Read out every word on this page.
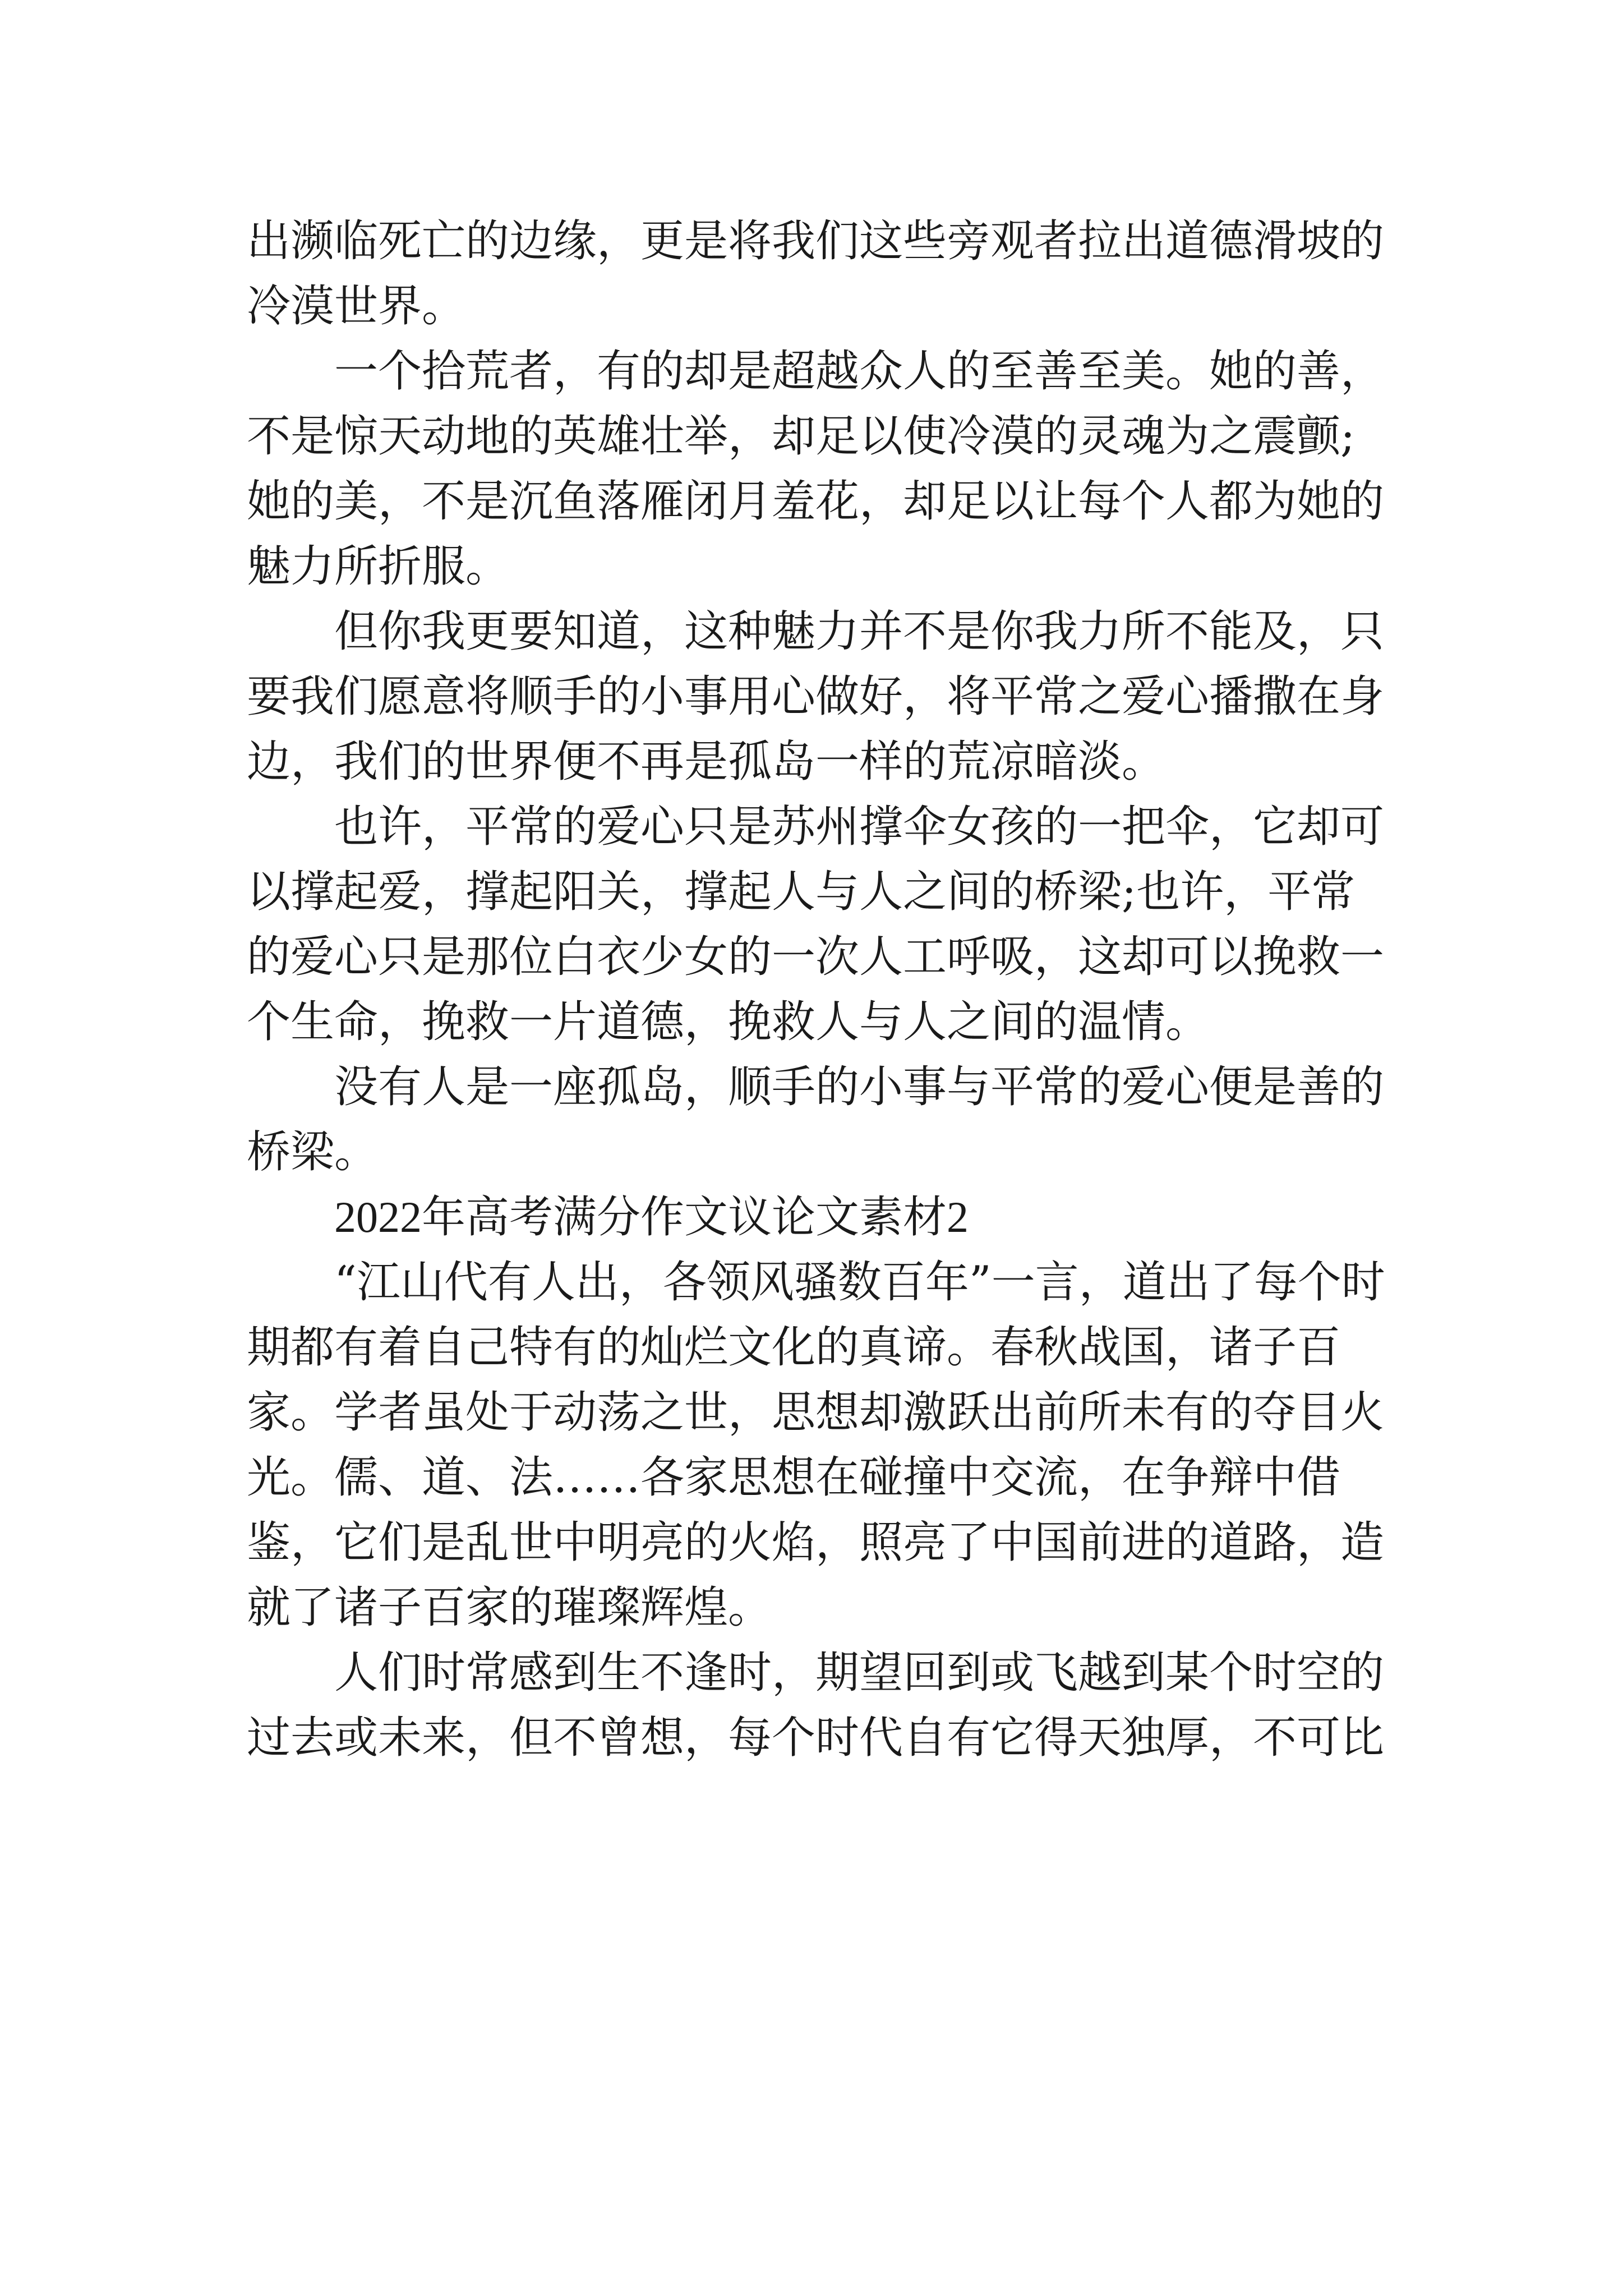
出濒临死亡的边缘，更是将我们这些旁观者拉出道德滑坡的冷漠世界。

一个拾荒者，有的却是超越众人的至善至美。她的善，不是惊天动地的英雄壮举，却足以使冷漠的灵魂为之震颤;她的美，不是沉鱼落雁闭月羞花，却足以让每个人都为她的魅力所折服。

但你我更要知道，这种魅力并不是你我力所不能及，只要我们愿意将顺手的小事用心做好，将平常之爱心播撒在身边，我们的世界便不再是孤岛一样的荒凉暗淡。

也许，平常的爱心只是苏州撑伞女孩的一把伞，它却可以撑起爱，撑起阳关，撑起人与人之间的桥梁;也许，平常的爱心只是那位白衣少女的一次人工呼吸，这却可以挽救一个生命，挽救一片道德，挽救人与人之间的温情。

没有人是一座孤岛，顺手的小事与平常的爱心便是善的桥梁。

2022年高考满分作文议论文素材2

“江山代有人出，各领风骚数百年”一言，道出了每个时期都有着自己特有的灿烂文化的真谛。春秋战国，诸子百家。学者虽处于动荡之世，思想却激跃出前所未有的夺目火光。儒、道、法……各家思想在碰撞中交流，在争辩中借鉴，它们是乱世中明亮的火焰，照亮了中国前进的道路，造就了诸子百家的璀璨辉煌。

人们时常感到生不逢时，期望回到或飞越到某个时空的过去或未来，但不曾想，每个时代自有它得天独厚，不可比
